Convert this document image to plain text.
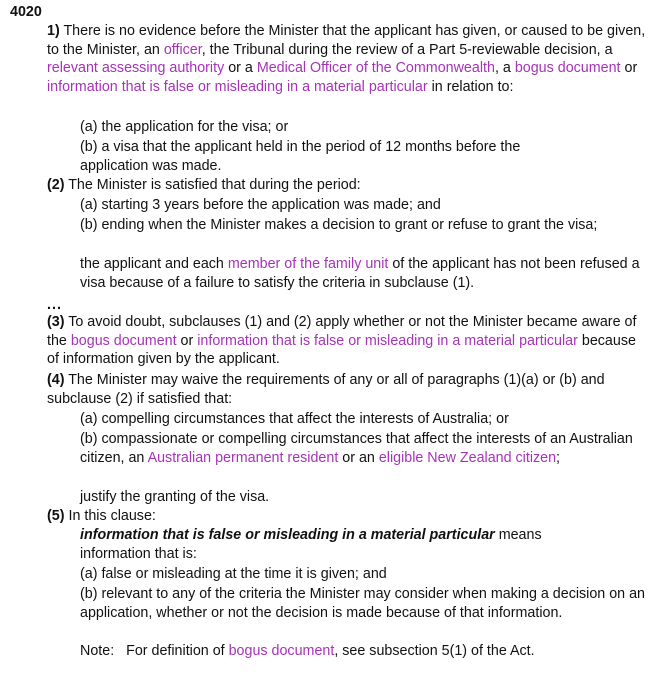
4020

1) There is no evidence before the Minister that the applicant has given, or caused to be given, to the Minister, an officer, the Tribunal during the review of a Part 5-reviewable decision, a relevant assessing authority or a Medical Officer of the Commonwealth, a bogus document or information that is false or misleading in a material particular in relation to:

(a) the application for the visa; or

(b) a visa that the applicant held in the period of 12 months before the application was made.

(2) The Minister is satisfied that during the period:

(a) starting 3 years before the application was made; and

(b) ending when the Minister makes a decision to grant or refuse to grant the visa;

the applicant and each member of the family unit of the applicant has not been refused a visa because of a failure to satisfy the criteria in subclause (1).

...

(3) To avoid doubt, subclauses (1) and (2) apply whether or not the Minister became aware of the bogus document or information that is false or misleading in a material particular because of information given by the applicant.

(4) The Minister may waive the requirements of any or all of paragraphs (1)(a) or (b) and subclause (2) if satisfied that:

(a) compelling circumstances that affect the interests of Australia; or

(b) compassionate or compelling circumstances that affect the interests of an Australian citizen, an Australian permanent resident or an eligible New Zealand citizen;

justify the granting of the visa.

(5) In this clause:

information that is false or misleading in a material particular means information that is:

(a) false or misleading at the time it is given; and

(b) relevant to any of the criteria the Minister may consider when making a decision on an application, whether or not the decision is made because of that information.

Note: For definition of bogus document, see subsection 5(1) of the Act.
